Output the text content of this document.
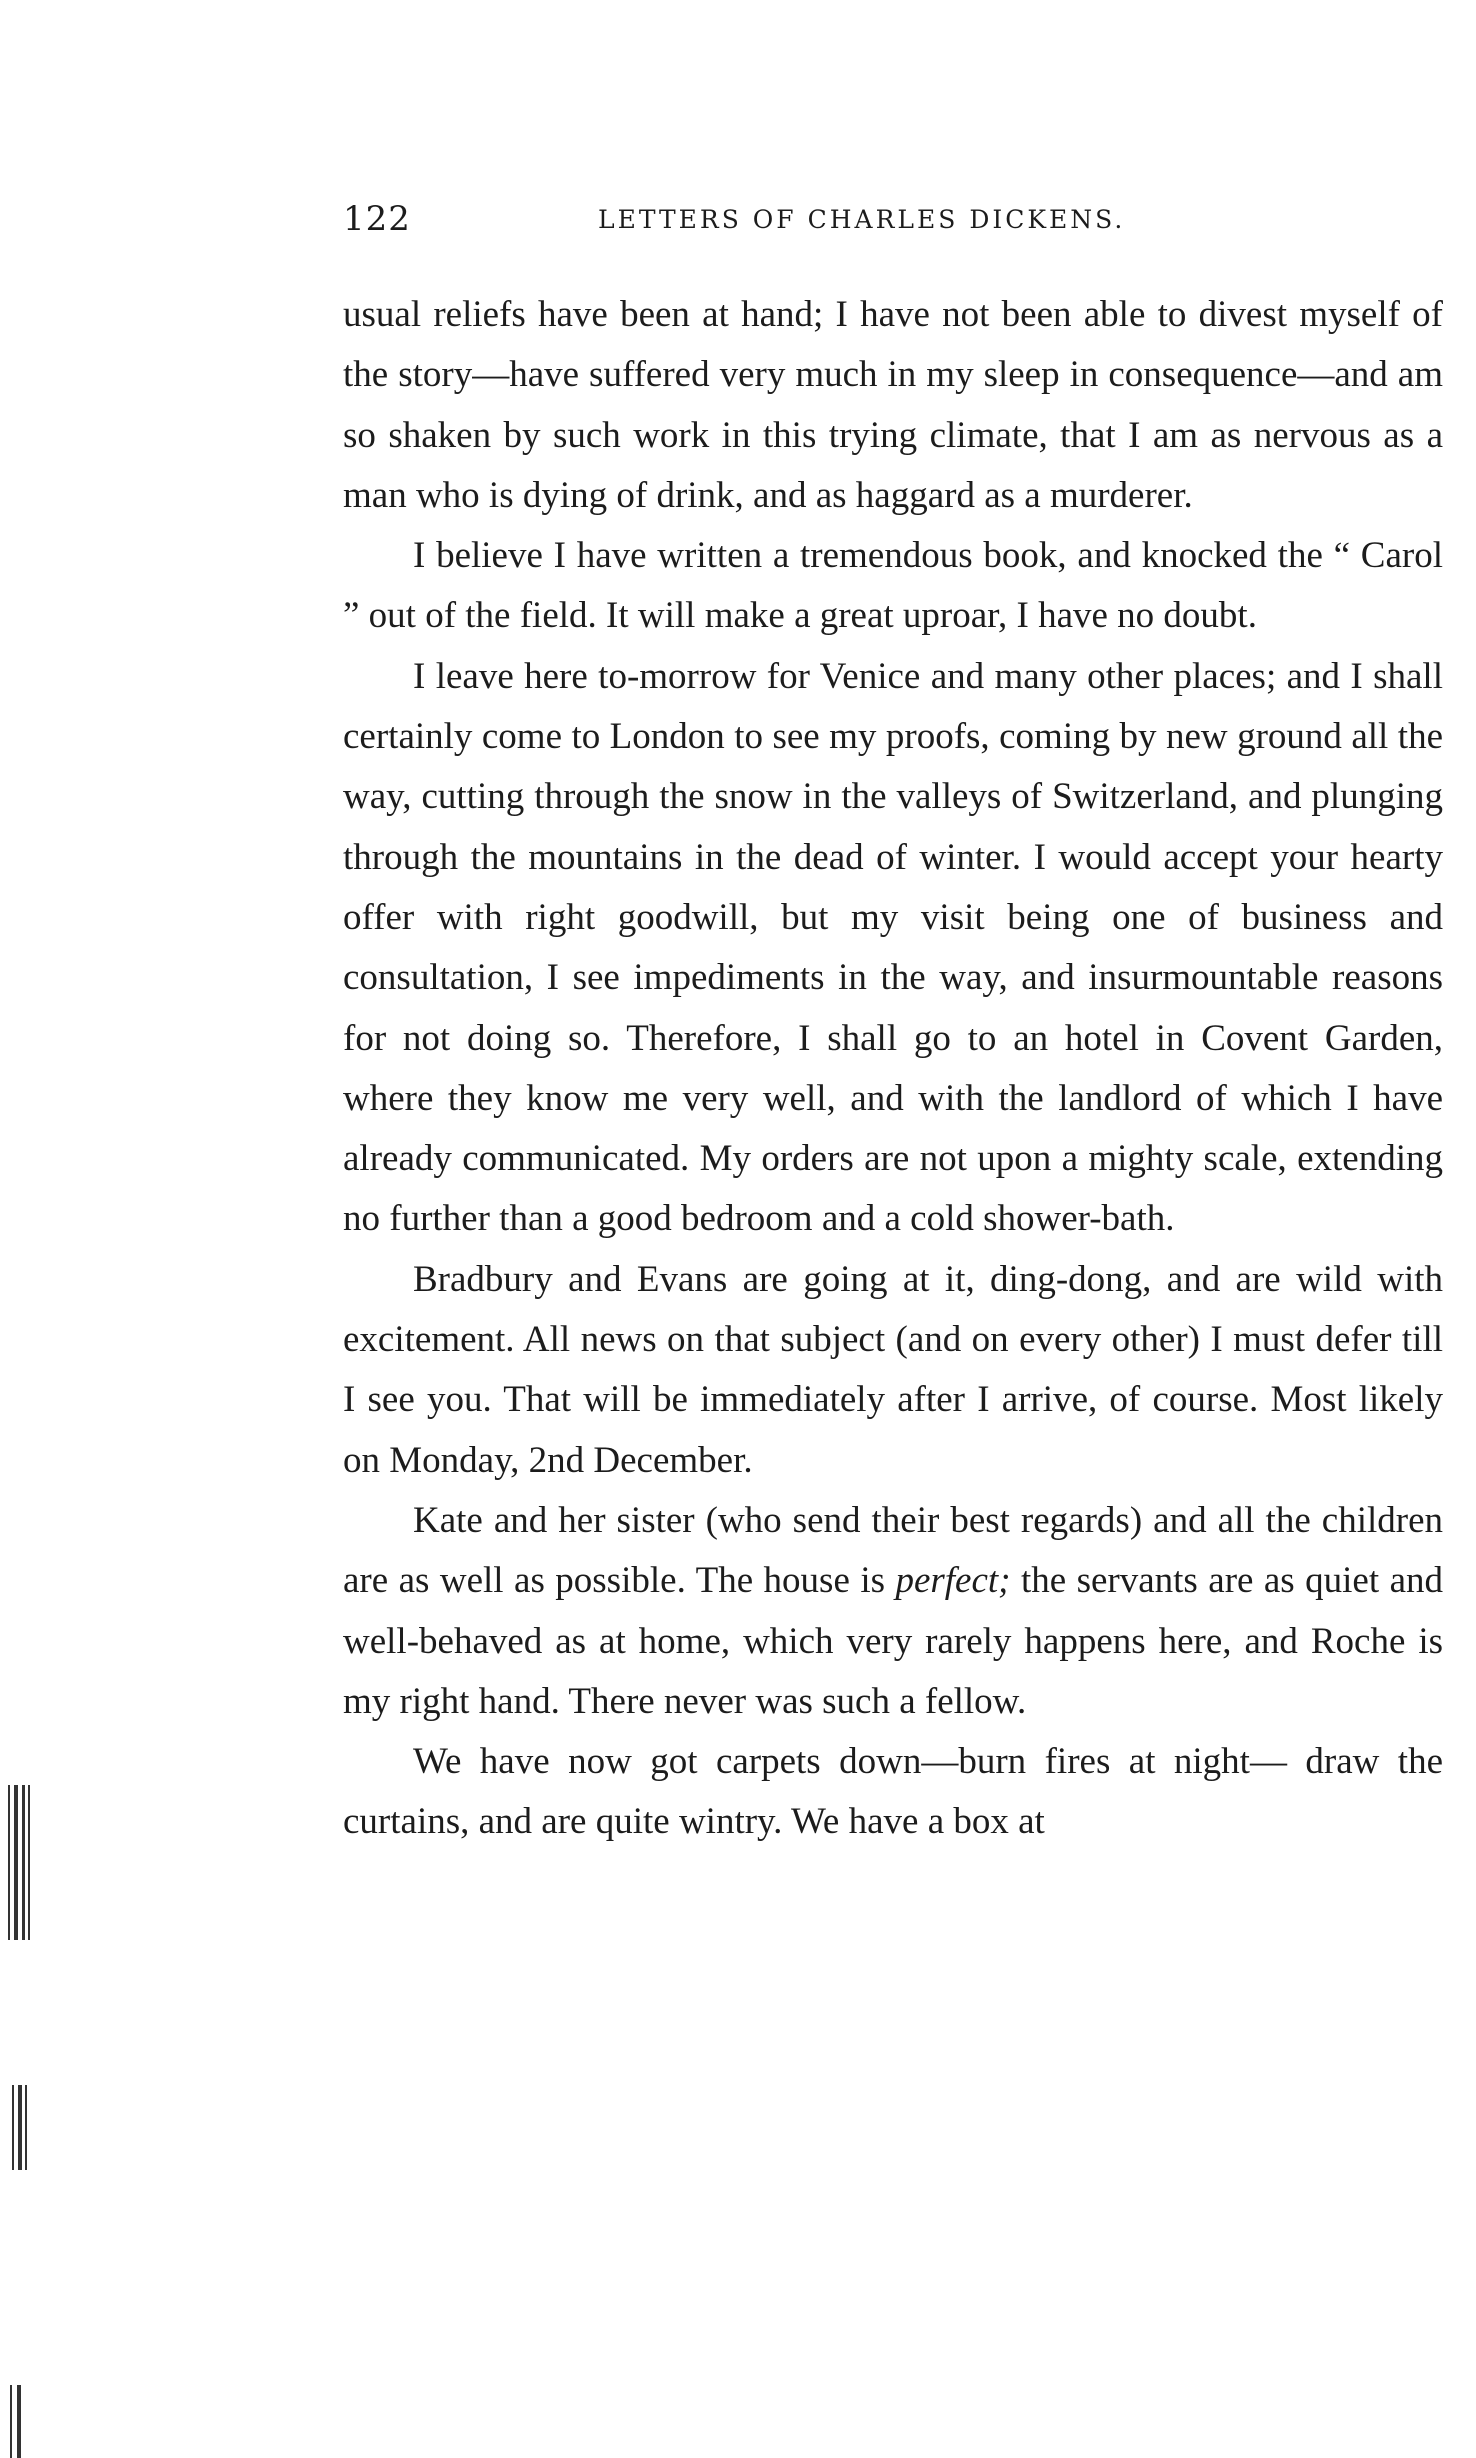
122	LETTERS OF CHARLES DICKENS.

usual reliefs have been at hand; I have not been able to divest myself of the story—have suffered very much in my sleep in consequence—and am so shaken by such work in this trying climate, that I am as nervous as a man who is dying of drink, and as haggard as a murderer.

I believe I have written a tremendous book, and knocked the “ Carol ” out of the field. It will make a great uproar, I have no doubt.

I leave here to-morrow for Venice and many other places; and I shall certainly come to London to see my proofs, coming by new ground all the way, cutting through the snow in the valleys of Switzerland, and plunging through the mountains in the dead of winter. I would accept your hearty offer with right goodwill, but my visit being one of business and consultation, I see impediments in the way, and insurmountable reasons for not doing so. Therefore, I shall go to an hotel in Covent Garden, where they know me very well, and with the landlord of which I have already communicated. My orders are not upon a mighty scale, extending no further than a good bedroom and a cold shower-bath.

Bradbury and Evans are going at it, ding-dong, and are wild with excitement. All news on that subject (and on every other) I must defer till I see you. That will be immediately after I arrive, of course. Most likely on Monday, 2nd December.

Kate and her sister (who send their best regards) and all the children are as well as possible. The house is perfect; the servants are as quiet and well-behaved as at home, which very rarely happens here, and Roche is my right hand. There never was such a fellow.

We have now got carpets down—burn fires at night— draw the curtains, and are quite wintry. We have a box at
